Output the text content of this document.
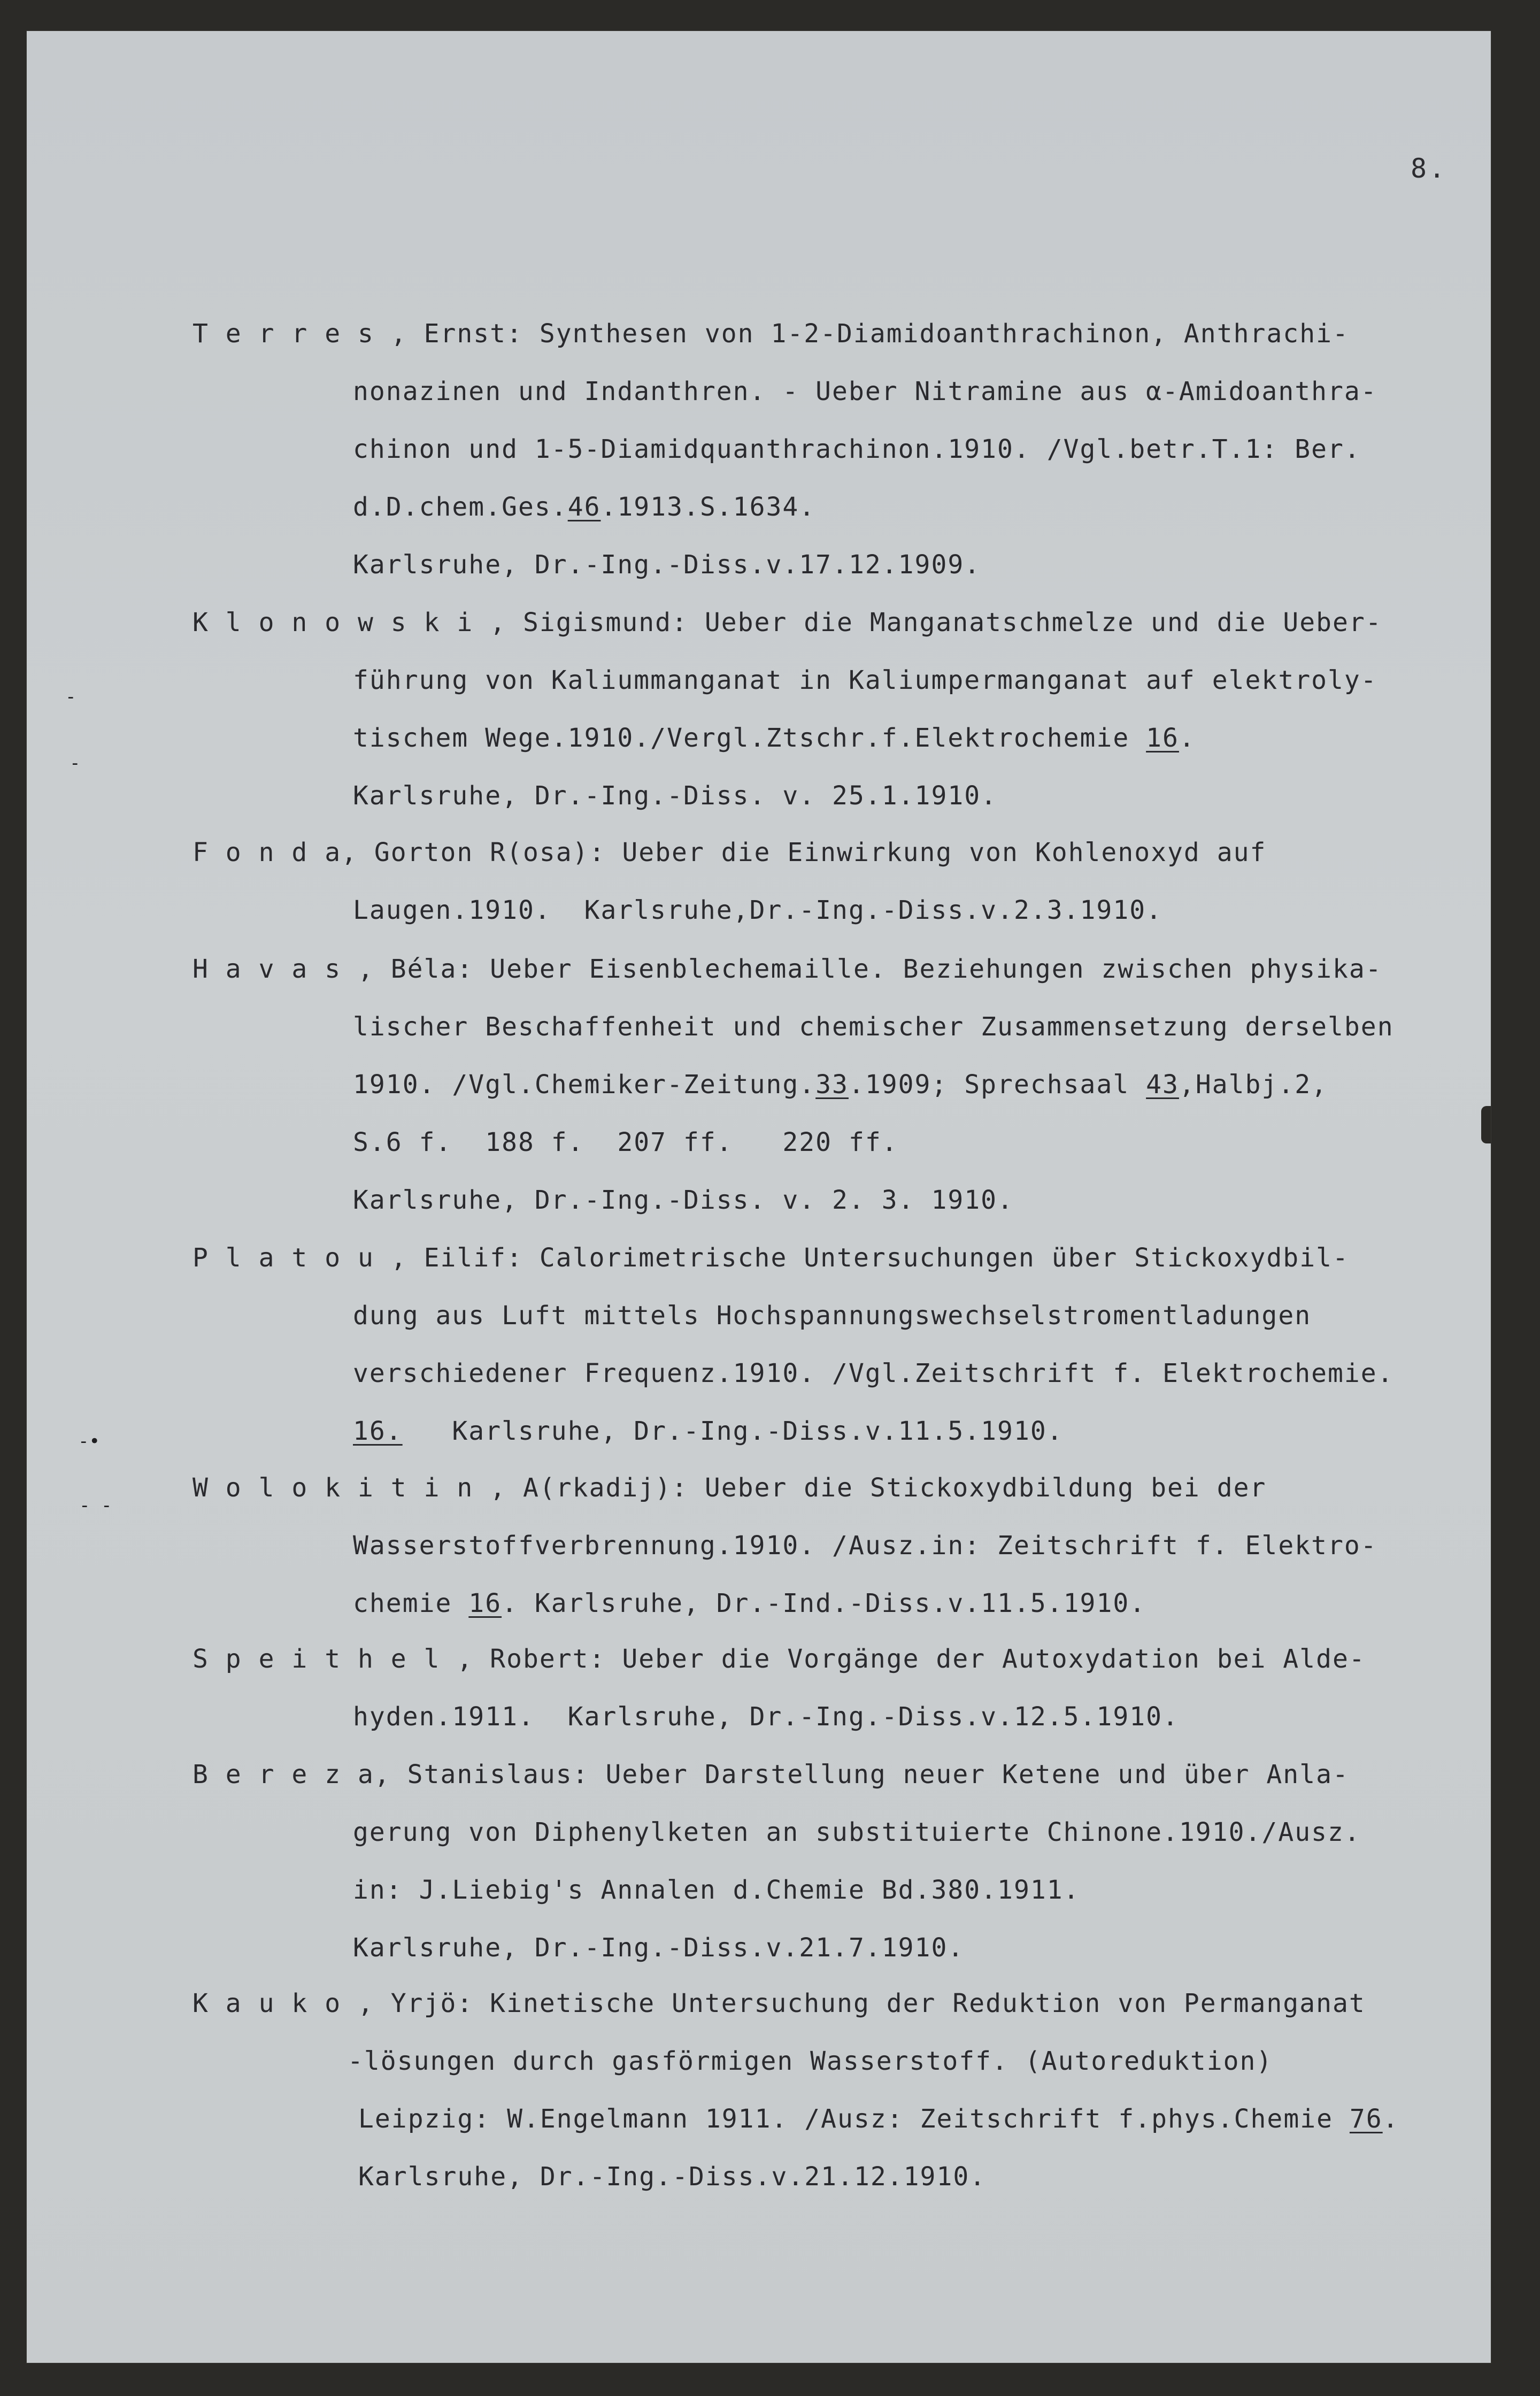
8.
T e r r e s , Ernst: Synthesen von 1-2-Diamidoanthrachinon, Anthrachi-
nonazinen und Indanthren. - Ueber Nitramine aus α-Amidoanthra-
chinon und 1-5-Diamidquanthrachinon.1910. /Vgl.betr.T.1: Ber.
d.D.chem.Ges.46.1913.S.1634.
Karlsruhe, Dr.-Ing.-Diss.v.17.12.1909.
K l o n o w s k i , Sigismund: Ueber die Manganatschmelze und die Ueber-
führung von Kaliummanganat in Kaliumpermanganat auf elektroly-
tischem Wege.1910./Vergl.Ztschr.f.Elektrochemie 16.
Karlsruhe, Dr.-Ing.-Diss. v. 25.1.1910.
F o n d a, Gorton R(osa): Ueber die Einwirkung von Kohlenoxyd auf
Laugen.1910.  Karlsruhe,Dr.-Ing.-Diss.v.2.3.1910.
H a v a s , Béla: Ueber Eisenblechemaille. Beziehungen zwischen physika-
lischer Beschaffenheit und chemischer Zusammensetzung derselben
1910. /Vgl.Chemiker-Zeitung.33.1909; Sprechsaal 43,Halbj.2,
S.6 f.  188 f.  207 ff.   220 ff.
Karlsruhe, Dr.-Ing.-Diss. v. 2. 3. 1910.
P l a t o u , Eilif: Calorimetrische Untersuchungen über Stickoxydbil-
dung aus Luft mittels Hochspannungswechselstromentladungen
verschiedener Frequenz.1910. /Vgl.Zeitschrift f. Elektrochemie.
16.   Karlsruhe, Dr.-Ing.-Diss.v.11.5.1910.
W o l o k i t i n , A(rkadij): Ueber die Stickoxydbildung bei der
Wasserstoffverbrennung.1910. /Ausz.in: Zeitschrift f. Elektro-
chemie 16. Karlsruhe, Dr.-Ind.-Diss.v.11.5.1910.
S p e i t h e l , Robert: Ueber die Vorgänge der Autoxydation bei Alde-
hyden.1911.  Karlsruhe, Dr.-Ing.-Diss.v.12.5.1910.
B e r e z a, Stanislaus: Ueber Darstellung neuer Ketene und über Anla-
gerung von Diphenylketen an substituierte Chinone.1910./Ausz.
in: J.Liebig's Annalen d.Chemie Bd.380.1911.
Karlsruhe, Dr.-Ing.-Diss.v.21.7.1910.
K a u k o , Yrjö: Kinetische Untersuchung der Reduktion von Permanganat
-lösungen durch gasförmigen Wasserstoff. (Autoreduktion)
Leipzig: W.Engelmann 1911. /Ausz: Zeitschrift f.phys.Chemie 76.
Karlsruhe, Dr.-Ing.-Diss.v.21.12.1910.
-
-
-•
- -
